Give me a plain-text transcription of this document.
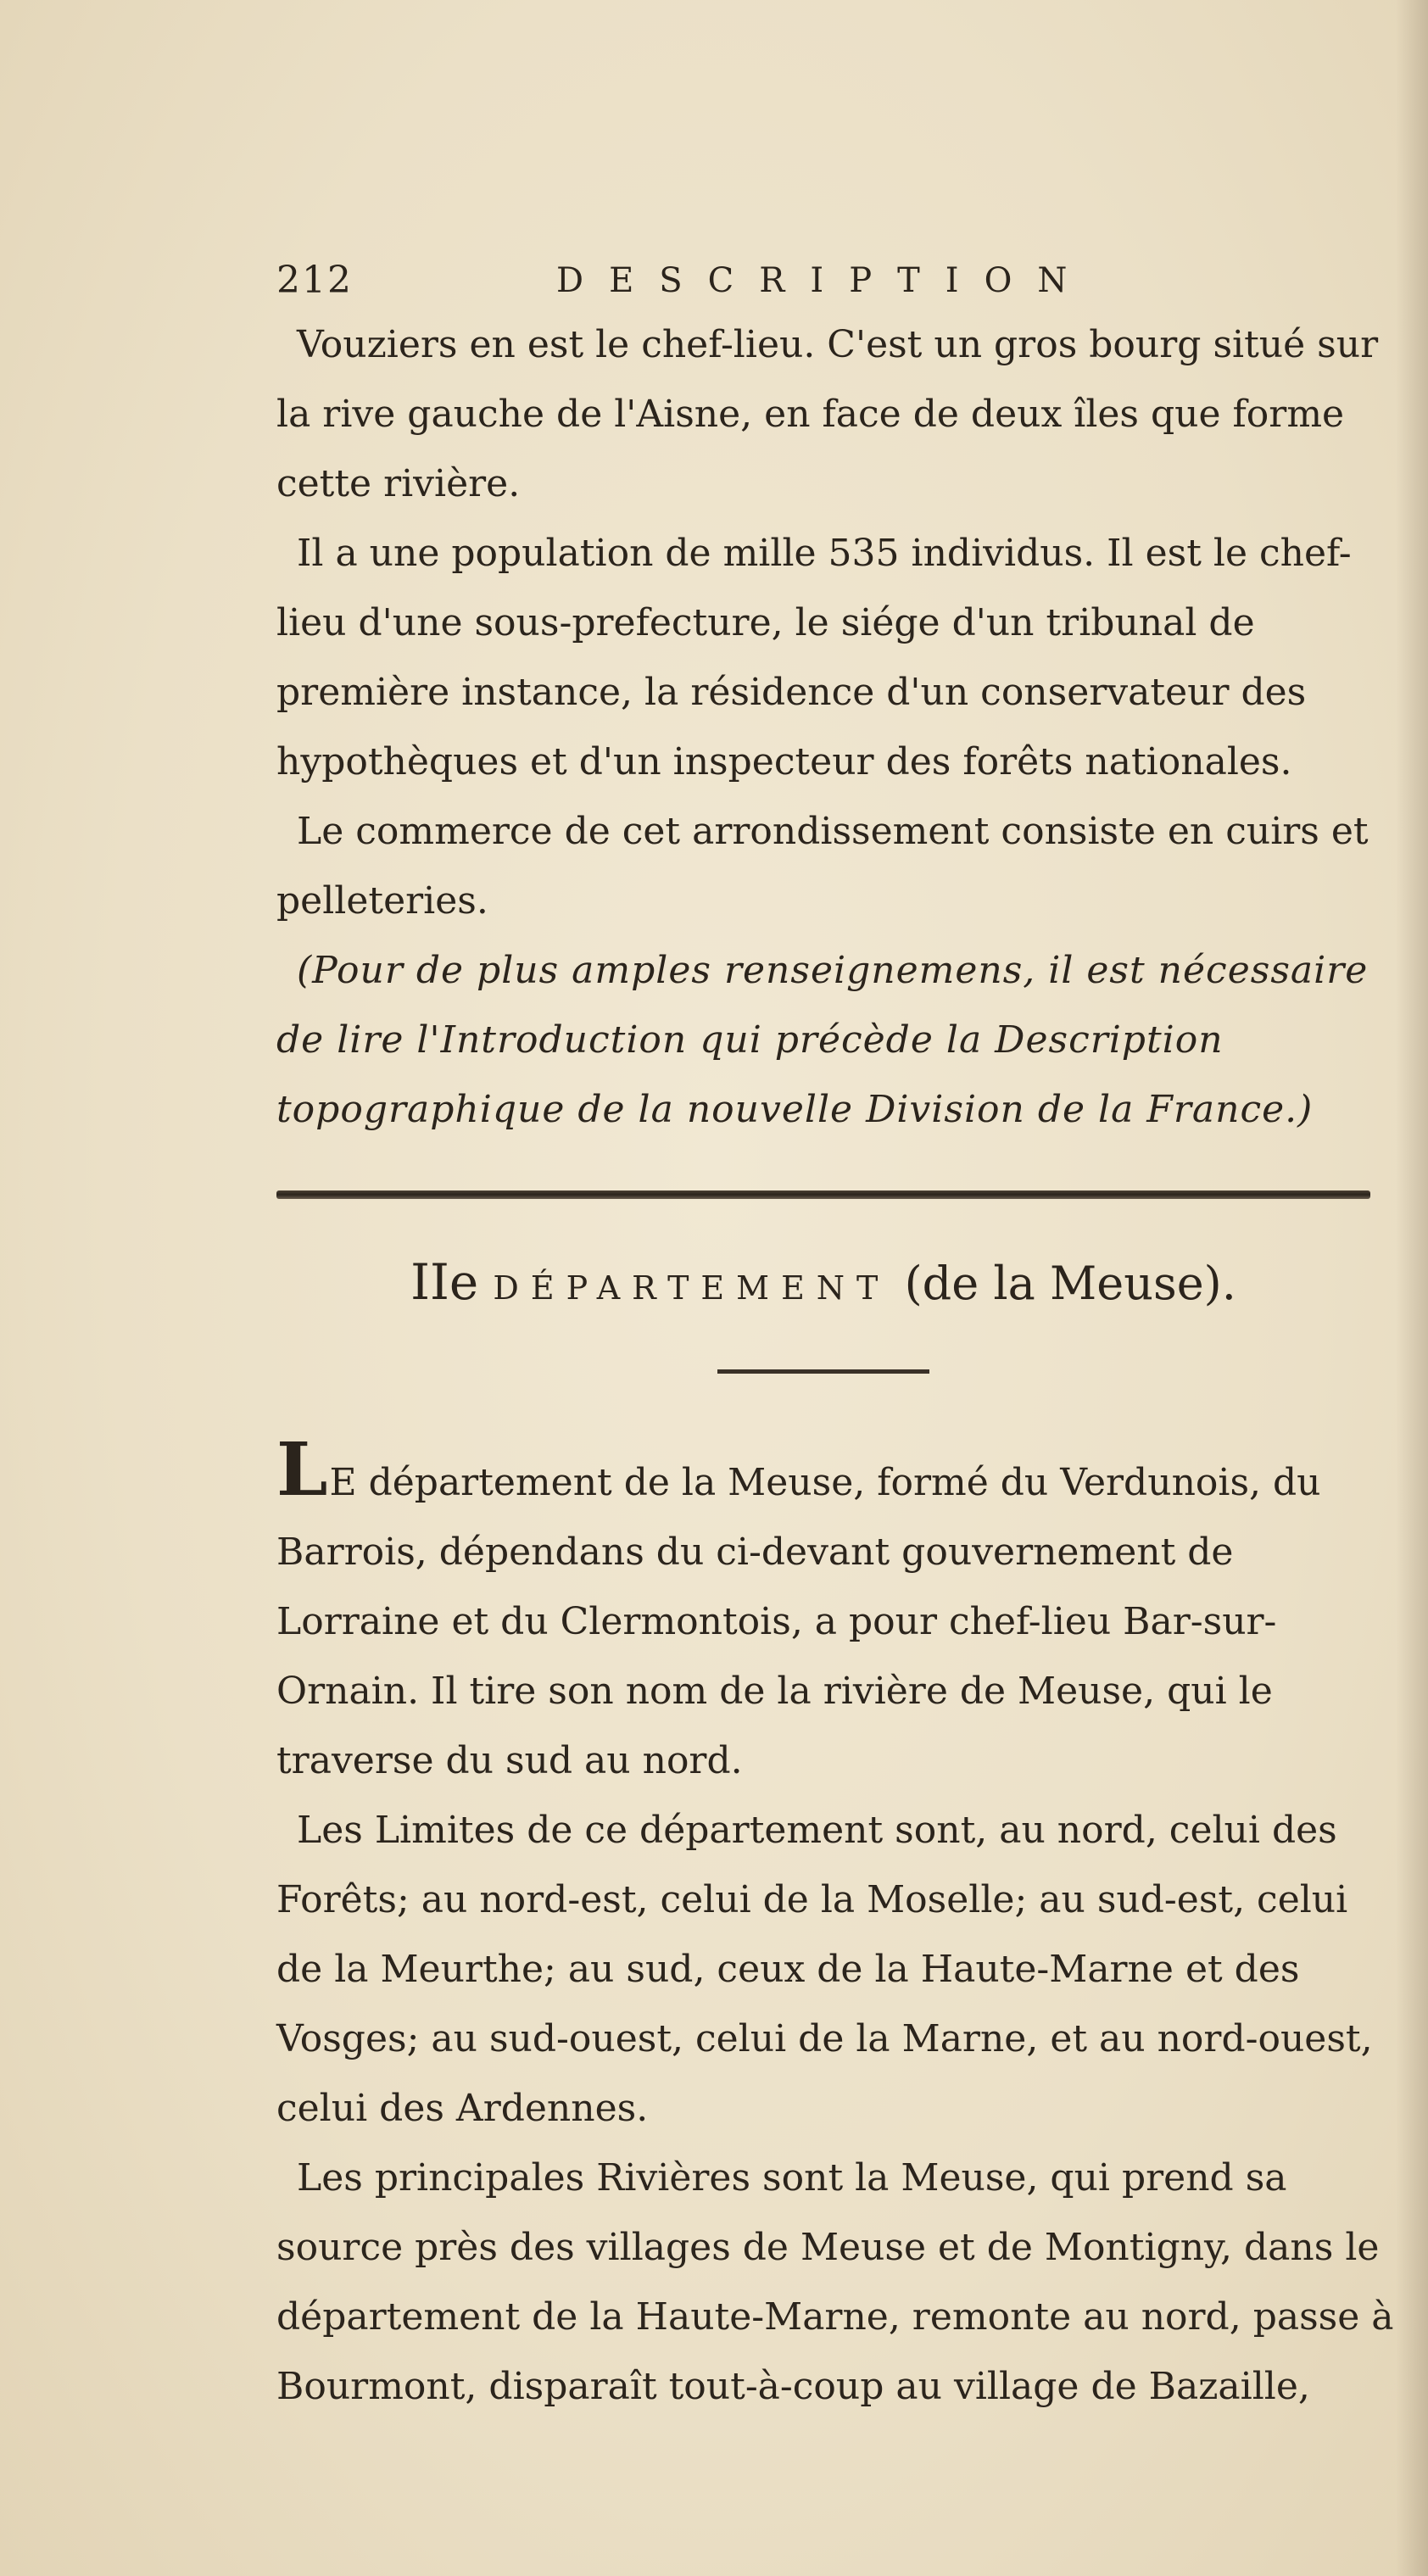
212	DESCRIPTION

Vouziers en est le chef-lieu. C'est un gros bourg situé sur la rive gauche de l'Aisne, en face de deux îles que forme cette rivière.

Il a une population de mille 535 individus. Il est le chef-lieu d'une sous-prefecture, le siége d'un tribunal de première instance, la résidence d'un conservateur des hypothèques et d'un inspecteur des forêts nationales.

Le commerce de cet arrondissement consiste en cuirs et pelleteries.

(Pour de plus amples renseignemens, il est nécessaire de lire l'Introduction qui précède la Description topographique de la nouvelle Division de la France.)

IIe DÉPARTEMENT (de la Meuse).

LE département de la Meuse, formé du Verdunois, du Barrois, dépendans du ci-devant gouvernement de Lorraine et du Clermontois, a pour chef-lieu Bar-sur-Ornain. Il tire son nom de la rivière de Meuse, qui le traverse du sud au nord.

Les Limites de ce département sont, au nord, celui des Forêts; au nord-est, celui de la Moselle; au sud-est, celui de la Meurthe; au sud, ceux de la Haute-Marne et des Vosges; au sud-ouest, celui de la Marne, et au nord-ouest, celui des Ardennes.

Les principales Rivières sont la Meuse, qui prend sa source près des villages de Meuse et de Montigny, dans le département de la Haute-Marne, remonte au nord, passe à Bourmont, disparaît tout-à-coup au village de Bazaille,
